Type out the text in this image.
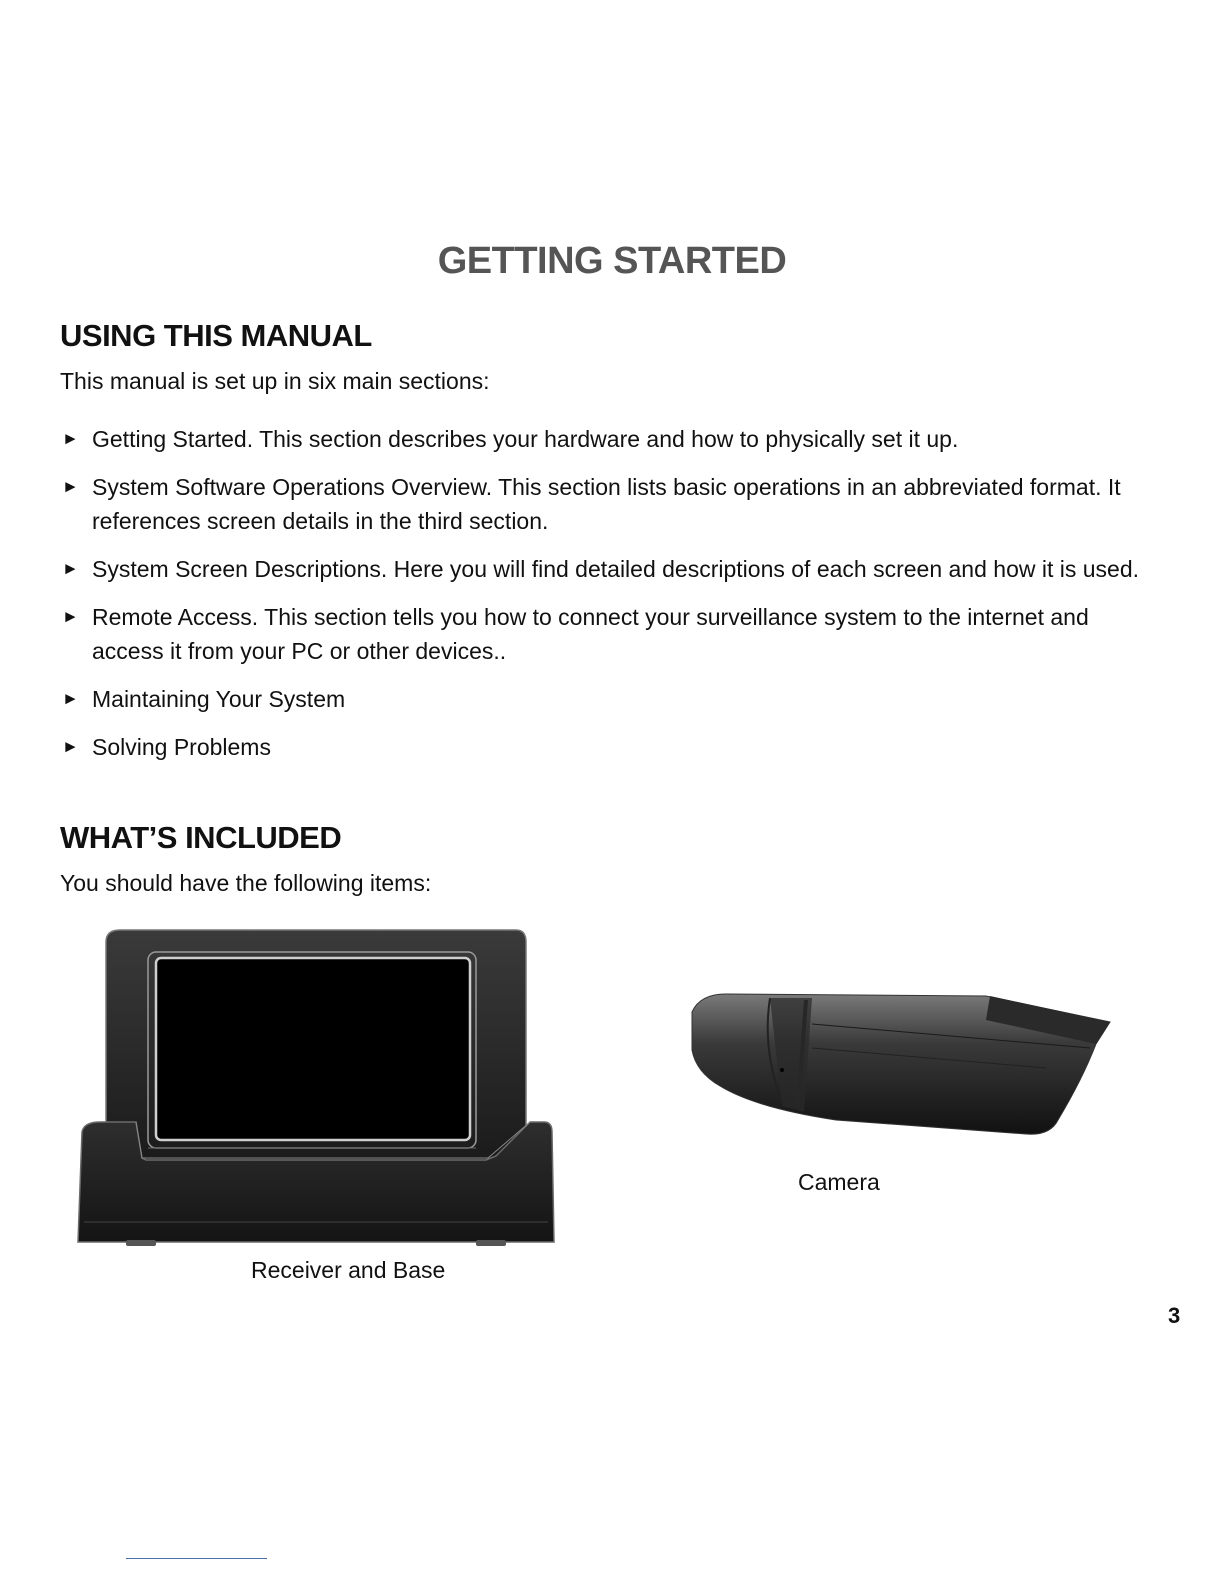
GETTING STARTED
USING THIS MANUAL
This manual is set up in six main sections:
► Getting Started. This section describes your hardware and how to physically set it up.
► System Software Operations Overview. This section lists basic operations in an abbreviated format. It references screen details in the third section.
► System Screen Descriptions. Here you will find detailed descriptions of each screen and how it is used.
► Remote Access. This section tells you how to connect your surveillance system to the internet and access it from your PC or other devices..
► Maintaining Your System
► Solving Problems
WHAT’S INCLUDED
You should have the following items:
Receiver and Base
Camera
3
